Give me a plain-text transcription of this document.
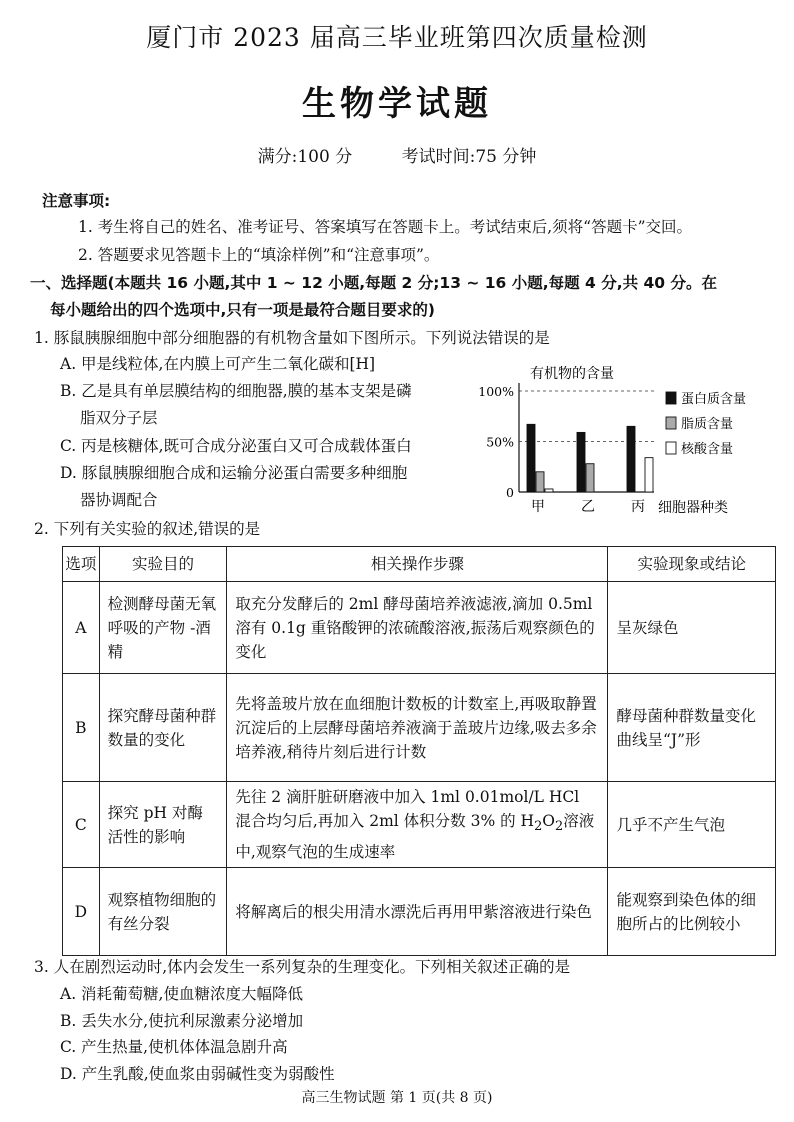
厦门市 2023 届高三毕业班第四次质量检测
生物学试题
满分:100 分	考试时间:75 分钟
注意事项:
1. 考生将自己的姓名、准考证号、答案填写在答题卡上。考试结束后,须将“答题卡”交回。
2. 答题要求见答题卡上的“填涂样例”和“注意事项”。
一、选择题(本题共 16 小题,其中 1 ~ 12 小题,每题 2 分;13 ~ 16 小题,每题 4 分,共 40 分。在
每小题给出的四个选项中,只有一项是最符合题目要求的)
1. 豚鼠胰腺细胞中部分细胞器的有机物含量如下图所示。下列说法错误的是
A. 甲是线粒体,在内膜上可产生二氧化碳和[H]
B. 乙是具有单层膜结构的细胞器,膜的基本支架是磷
脂双分子层
C. 丙是核糖体,既可合成分泌蛋白又可合成载体蛋白
D. 豚鼠胰腺细胞合成和运输分泌蛋白需要多种细胞
器协调配合
有机物的含量
100%
50%
0
甲	乙	丙 细胞器种类
蛋白质含量
脂质含量
核酸含量
2. 下列有关实验的叙述,错误的是
选项	实验目的	相关操作步骤	实验现象或结论
A	检测酵母菌无氧呼吸的产物 -酒精	取充分发酵后的 2ml 酵母菌培养液滤液,滴加 0.5ml 溶有 0.1g 重铬酸钾的浓硫酸溶液,振荡后观察颜色的变化	呈灰绿色
B	探究酵母菌种群数量的变化	先将盖玻片放在血细胞计数板的计数室上,再吸取静置沉淀后的上层酵母菌培养液滴于盖玻片边缘,吸去多余培养液,稍待片刻后进行计数	酵母菌种群数量变化曲线呈“J”形
C	探究 pH 对酶活性的影响	先往 2 滴肝脏研磨液中加入 1ml 0.01mol/L HCl 混合均匀后,再加入 2ml 体积分数 3% 的 $H_2O_2$溶液中,观察气泡的生成速率	几乎不产生气泡
D	观察植物细胞的有丝分裂	将解离后的根尖用清水漂洗后再用甲紫溶液进行染色	能观察到染色体的细胞所占的比例较小
3. 人在剧烈运动时,体内会发生一系列复杂的生理变化。下列相关叙述正确的是
A. 消耗葡萄糖,使血糖浓度大幅降低
B. 丢失水分,使抗利尿激素分泌增加
C. 产生热量,使机体体温急剧升高
D. 产生乳酸,使血浆由弱碱性变为弱酸性
高三生物试题 第 1 页(共 8 页)
